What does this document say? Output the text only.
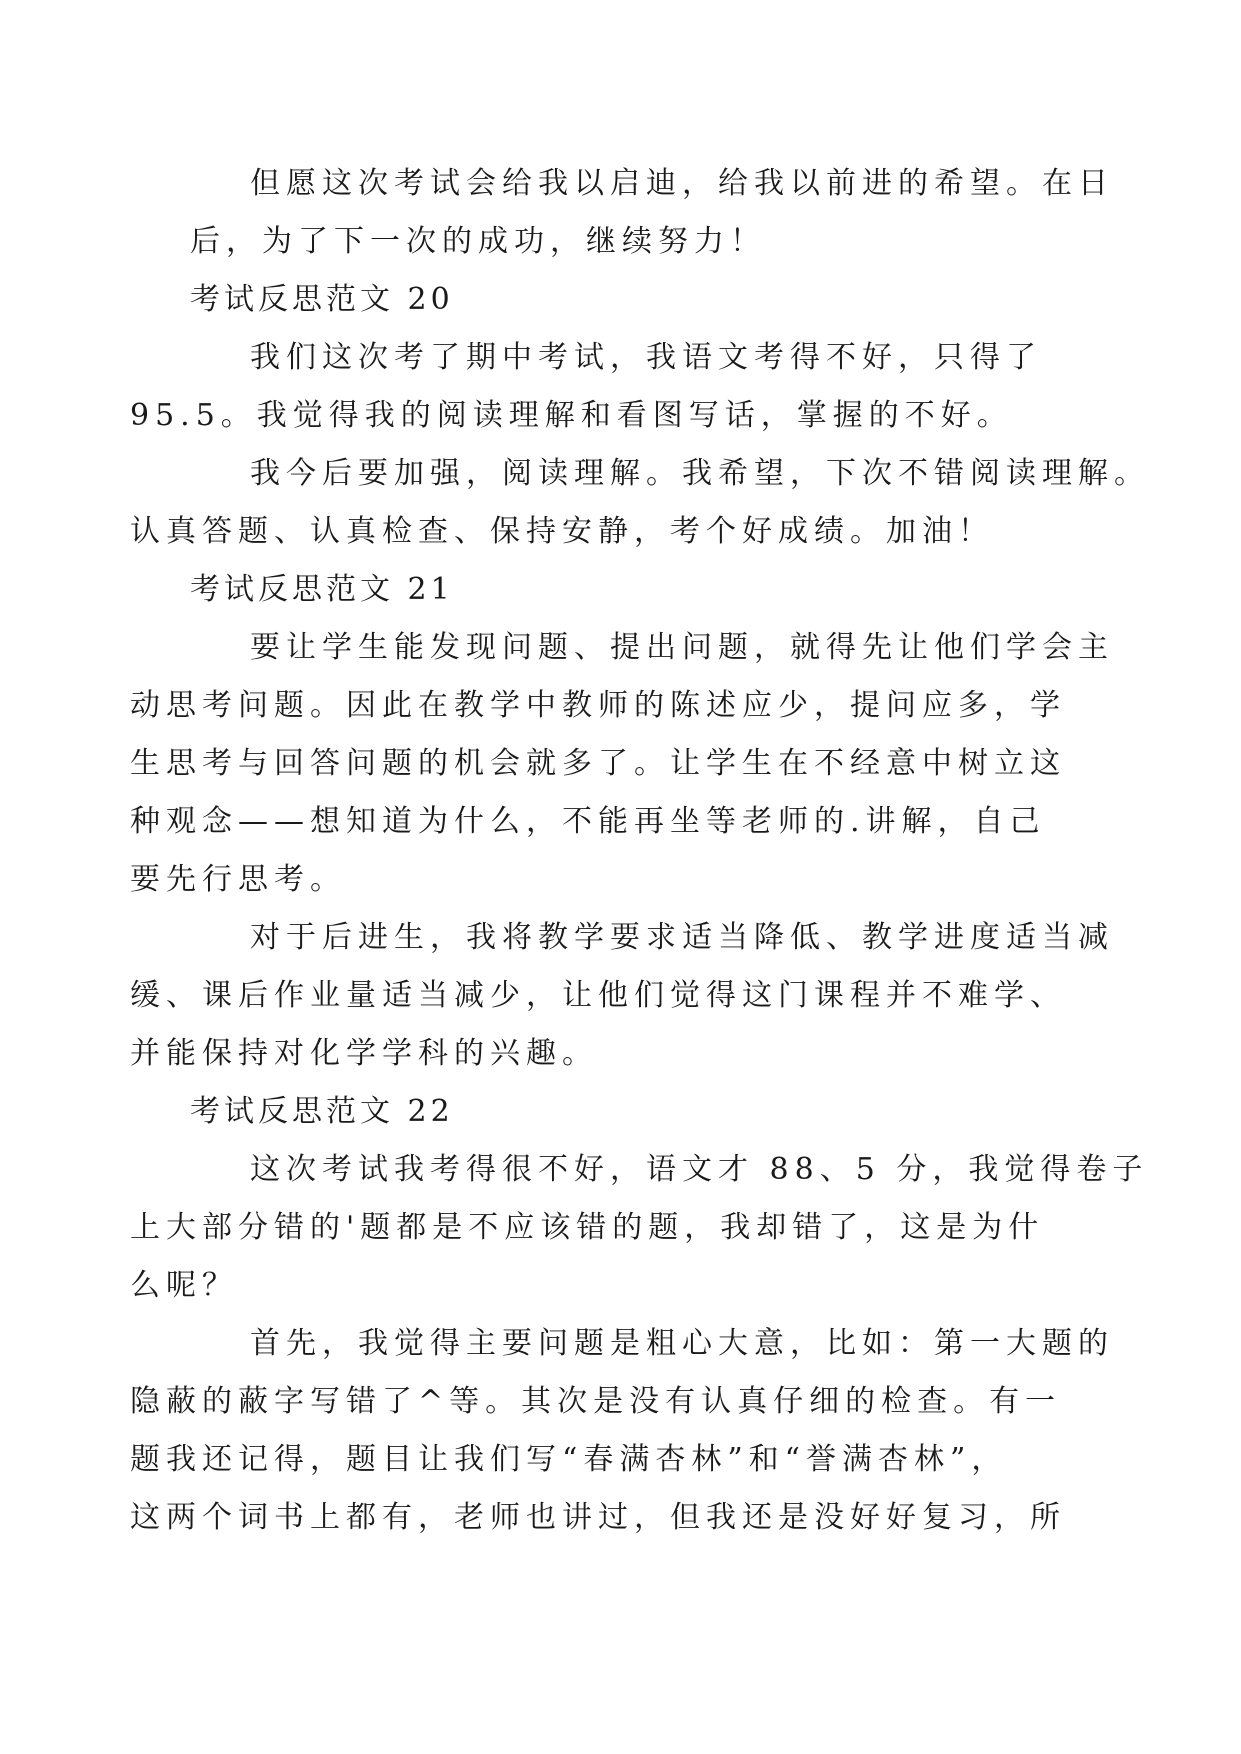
但愿这次考试会给我以启迪，给我以前进的希望。在日
后，为了下一次的成功，继续努力！

考试反思范文 20

我们这次考了期中考试，我语文考得不好，只得了
95.5。我觉得我的阅读理解和看图写话，掌握的不好。

我今后要加强，阅读理解。我希望，下次不错阅读理解。
认真答题、认真检查、保持安静，考个好成绩。加油！

考试反思范文 21

要让学生能发现问题、提出问题，就得先让他们学会主
动思考问题。因此在教学中教师的陈述应少，提问应多，学
生思考与回答问题的机会就多了。让学生在不经意中树立这
种观念——想知道为什么，不能再坐等老师的.讲解，自己
要先行思考。

对于后进生，我将教学要求适当降低、教学进度适当减
缓、课后作业量适当减少，让他们觉得这门课程并不难学、
并能保持对化学学科的兴趣。

考试反思范文 22

这次考试我考得很不好，语文才 88、5 分，我觉得卷子
上大部分错的'题都是不应该错的题，我却错了，这是为什
么呢？

首先，我觉得主要问题是粗心大意，比如：第一大题的
隐蔽的蔽字写错了^等。其次是没有认真仔细的检查。有一
题我还记得，题目让我们写“春满杏林”和“誉满杏林”，
这两个词书上都有，老师也讲过，但我还是没好好复习，所
